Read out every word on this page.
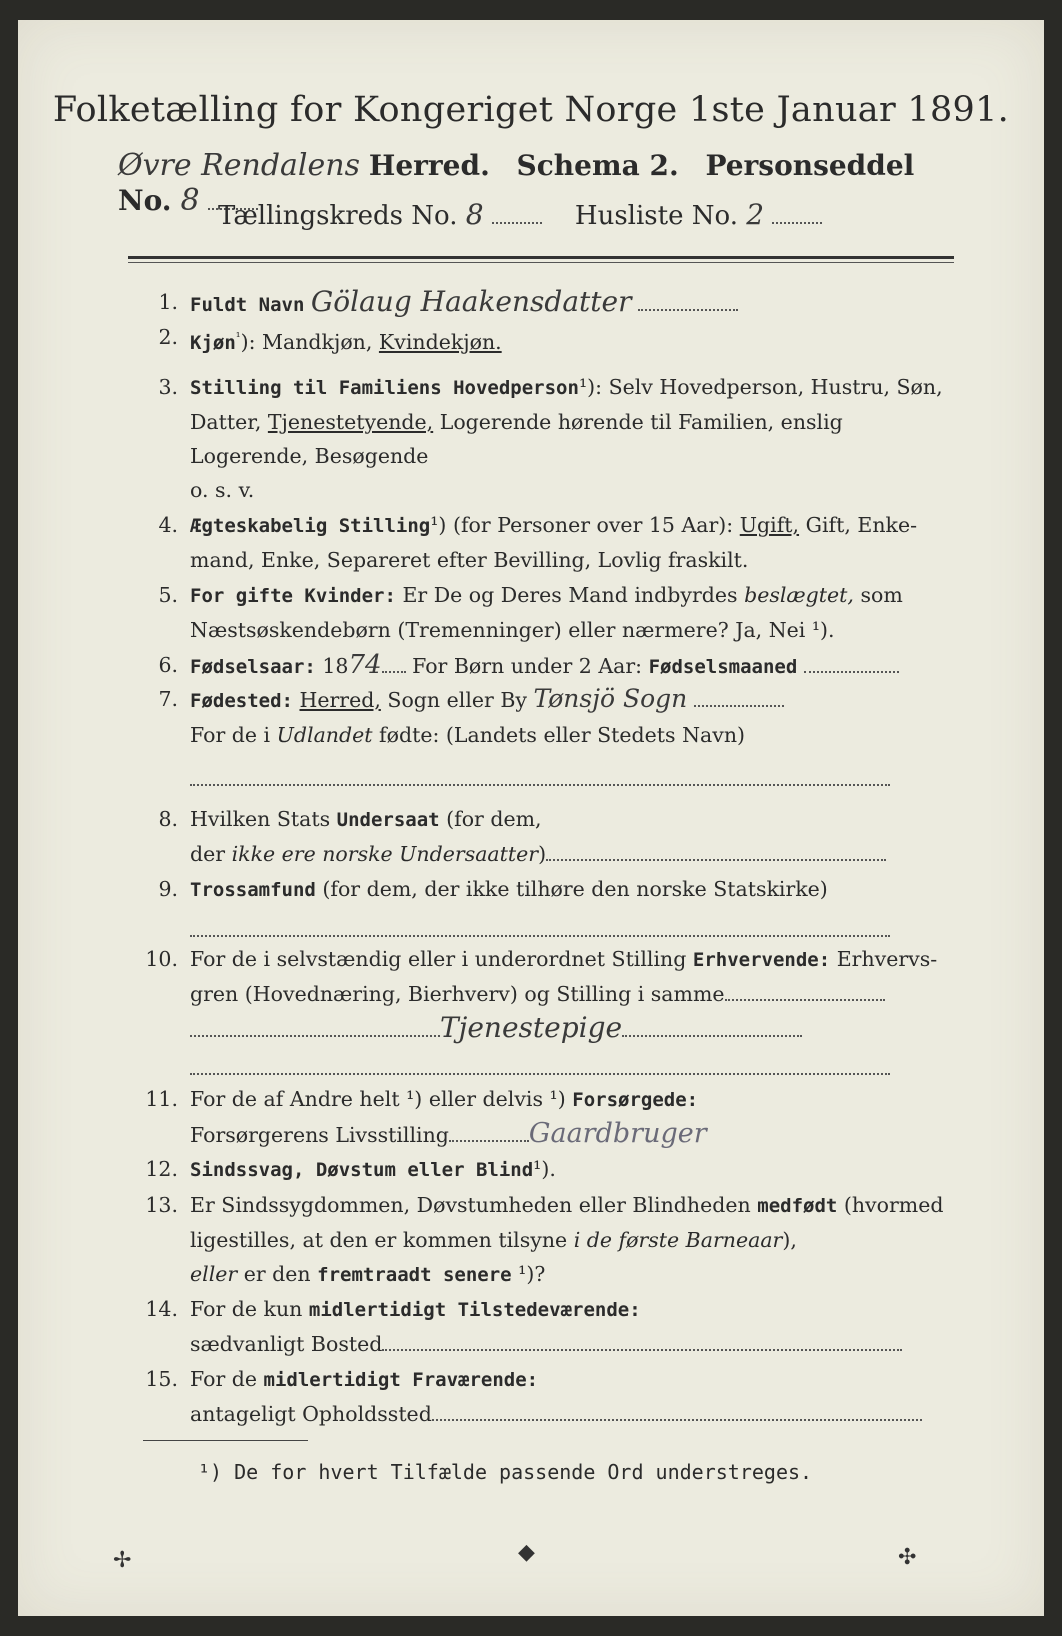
Folketælling for Kongeriget Norge 1ste Januar 1891.
Øvre Rendalens Herred. Schema 2. Personseddel No. 8 Tællingskreds No. 8	Husliste No. 2
1. Fuldt Navn Gölaug Haakensdatter
2. Kjøn$^{^1}$): Mandkjøn, Kvindekjøn.
3. Stilling til Familiens Hovedperson¹): Selv Hovedperson, Hustru, Søn,
Datter, Tjenestetyende, Logerende hørende til Familien, enslig
Logerende, Besøgende
o. s. v.
4. Ægteskabelig Stilling¹) (for Personer over 15 Aar): Ugift, Gift, Enke-
mand, Enke, Separeret efter Bevilling, Lovlig fraskilt.
5. For gifte Kvinder: Er De og Deres Mand indbyrdes beslægtet, som
Næstsøskendebørn (Tremenninger) eller nærmere? Ja, Nei ¹).
6. Fødselsaar: 1874 For Børn under 2 Aar: Fødselsmaaned
7. Fødested: Herred, Sogn eller By Tønsjö Sogn
For de i Udlandet fødte: (Landets eller Stedets Navn)
8. Hvilken Stats Undersaat (for dem,
der ikke ere norske Undersaatter)
9. Trossamfund (for dem, der ikke tilhøre den norske Statskirke)
10. For de i selvstændig eller i underordnet Stilling Erhvervende: Erhvervs-
gren (Hovednæring, Bierhverv) og Stilling i samme
Tjenestepige
11. For de af Andre helt ¹) eller delvis ¹) Forsørgede:
Forsørgerens Livsstilling	Gaardbruger
12. Sindssvag, Døvstum eller Blind¹).
13. Er Sindssygdommen, Døvstumheden eller Blindheden medfødt (hvormed
ligestilles, at den er kommen tilsyne i de første Barneaar),
eller er den fremtraadt senere ¹)?
14. For de kun midlertidigt Tilstedeværende:
sædvanligt Bosted
15. For de midlertidigt Fraværende:
antageligt Opholdssted
¹) De for hvert Tilfælde passende Ord understreges.
✢	◆	✣
